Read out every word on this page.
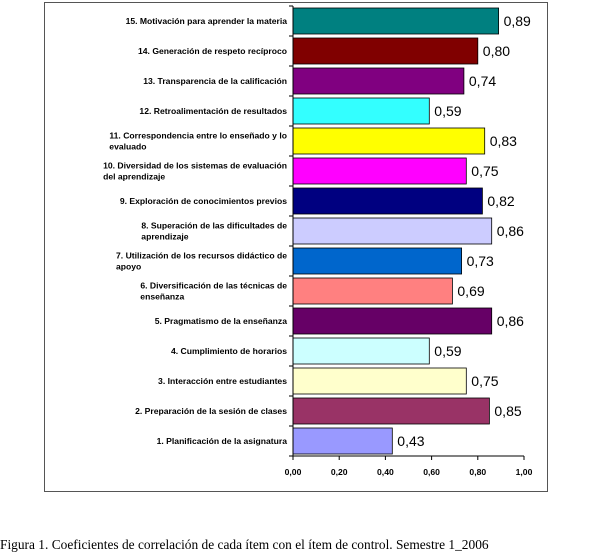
0,89
15. Motivación para aprender la materia
0,80
14. Generación de respeto recíproco
0,74
13. Transparencia de la calificación
0,59
12. Retroalimentación de resultados
0,83
11. Correspondencia entre lo enseñado y lo
evaluado
0,75
10. Diversidad de los sistemas de evaluación
del aprendizaje
0,82
9. Exploración de conocimientos previos
0,86
8. Superación de las dificultades de
aprendizaje
0,73
7. Utilización de los recursos didáctico de
apoyo
0,69
6. Diversificación de las técnicas de
enseñanza
0,86
5. Pragmatismo de la enseñanza
0,59
4. Cumplimiento de horarios
0,75
3. Interacción entre estudiantes
0,85
2. Preparación de la sesión de clases
0,43
1. Planificación de la asignatura
0,00	0,20	0,40	0,60	0,80	1,00
Figura 1. Coeficientes de correlación de cada ítem con el ítem de control. Semestre 1_2006
